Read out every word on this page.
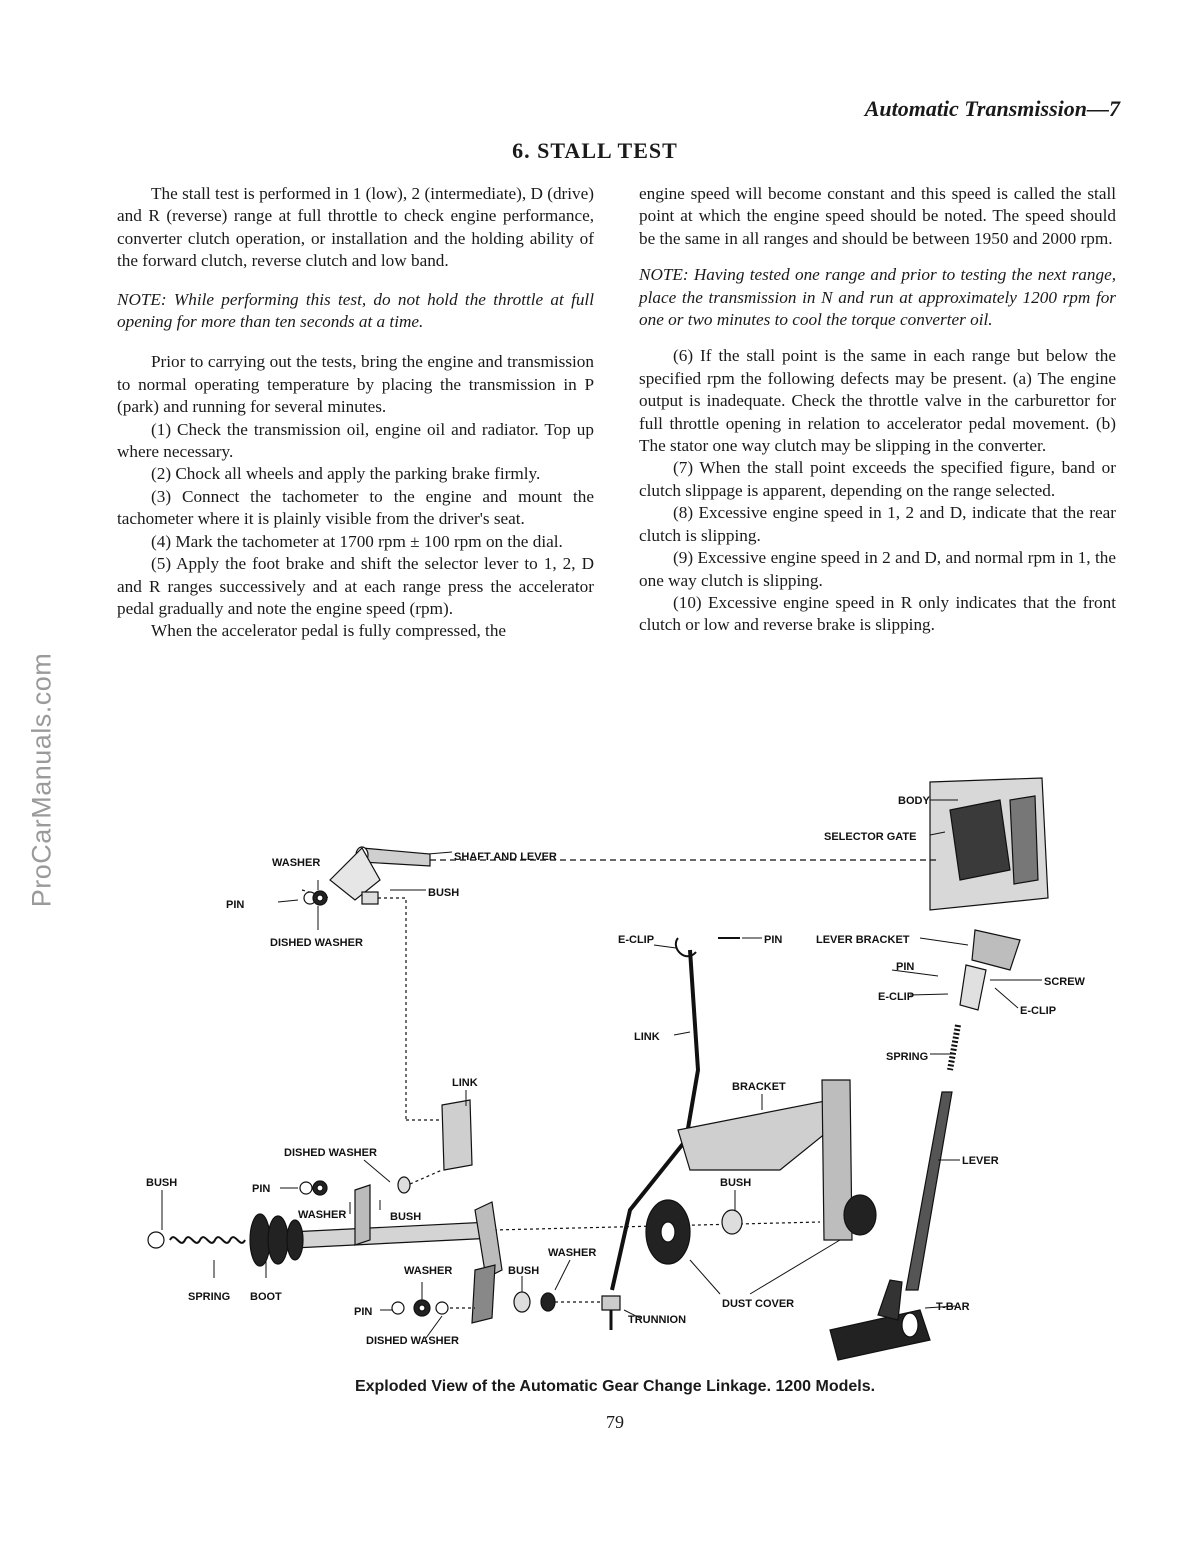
ProCarManuals.com
Automatic Transmission—7
6. STALL TEST

The stall test is performed in 1 (low), 2 (intermediate), D (drive) and R (reverse) range at full throttle to check engine performance, converter clutch operation, or installation and the holding ability of the forward clutch, reverse clutch and low band.

NOTE: While performing this test, do not hold the throttle at full opening for more than ten seconds at a time.

Prior to carrying out the tests, bring the engine and transmission to normal operating temperature by placing the transmission in P (park) and running for several minutes.

(1) Check the transmission oil, engine oil and radiator. Top up where necessary.

(2) Chock all wheels and apply the parking brake firmly.

(3) Connect the tachometer to the engine and mount the tachometer where it is plainly visible from the driver's seat.

(4) Mark the tachometer at 1700 rpm ± 100 rpm on the dial.

(5) Apply the foot brake and shift the selector lever to 1, 2, D and R ranges successively and at each range press the accelerator pedal gradually and note the engine speed (rpm).

When the accelerator pedal is fully compressed, the

engine speed will become constant and this speed is called the stall point at which the engine speed should be noted. The speed should be the same in all ranges and should be between 1950 and 2000 rpm.

NOTE: Having tested one range and prior to testing the next range, place the transmission in N and run at approximately 1200 rpm for one or two minutes to cool the torque converter oil.

(6) If the stall point is the same in each range but below the specified rpm the following defects may be present. (a) The engine output is inadequate. Check the throttle valve in the carburettor for full throttle opening in relation to accelerator pedal movement. (b) The stator one way clutch may be slipping in the converter.

(7) When the stall point exceeds the specified figure, band or clutch slippage is apparent, depending on the range selected.

(8) Excessive engine speed in 1, 2 and D, indicate that the rear clutch is slipping.

(9) Excessive engine speed in 2 and D, and normal rpm in 1, the one way clutch is slipping.

(10) Excessive engine speed in R only indicates that the front clutch or low and reverse brake is slipping.

BODY
SELECTOR GATE
SHAFT AND LEVER
WASHER
PIN
BUSH
DISHED WASHER	E-CLIP	PIN	LEVER BRACKET
PIN
SCREW
E-CLIP
E-CLIP
LINK
SPRING
BRACKET
LINK
LEVER
DISHED WASHER
BUSH	PIN
WASHER	BUSH
BUSH
WASHER
WASHER	BUSH
SPRING BOOT
DUST COVER	T-BAR
PIN
TRUNNION
DISHED WASHER
Exploded View of the Automatic Gear Change Linkage. 1200 Models.
79
